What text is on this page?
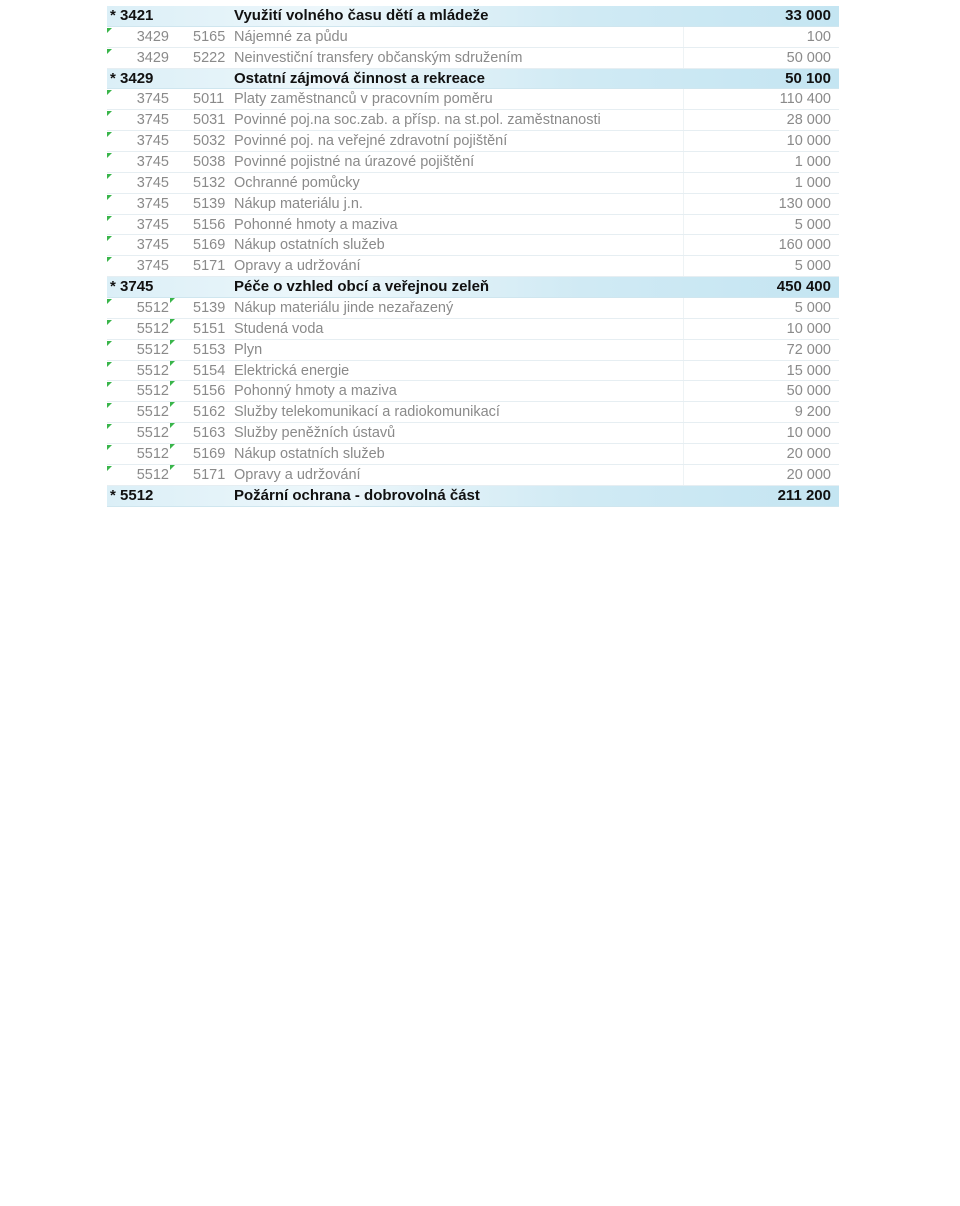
* 3421	Využití volného času dětí a mládeže	33 000
3429 5165 Nájemné za půdu	100
3429 5222 Neinvestiční transfery občanským sdružením	50 000
* 3429	Ostatní zájmová činnost a rekreace	50 100
3745 5011 Platy zaměstnanců v pracovním poměru	110 400
3745 5031 Povinné poj.na soc.zab. a přísp. na st.pol. zaměstnanosti	28 000
3745 5032 Povinné poj. na veřejné zdravotní pojištění	10 000
3745 5038 Povinné pojistné na úrazové pojištění	1 000
3745 5132 Ochranné pomůcky	1 000
3745 5139 Nákup materiálu j.n.	130 000
3745 5156 Pohonné hmoty a maziva	5 000
3745 5169 Nákup ostatních služeb	160 000
3745 5171 Opravy a udržování	5 000
* 3745	Péče o vzhled obcí a veřejnou zeleň	450 400
5512 5139 Nákup materiálu jinde nezařazený	5 000
5512 5151 Studená voda	10 000
5512 5153 Plyn	72 000
5512 5154 Elektrická energie	15 000
5512 5156 Pohonný hmoty a maziva	50 000
5512 5162 Služby telekomunikací a radiokomunikací	9 200
5512 5163 Služby peněžních ústavů	10 000
5512 5169 Nákup ostatních služeb	20 000
5512 5171 Opravy a udržování	20 000
* 5512	Požární ochrana - dobrovolná část	211 200
